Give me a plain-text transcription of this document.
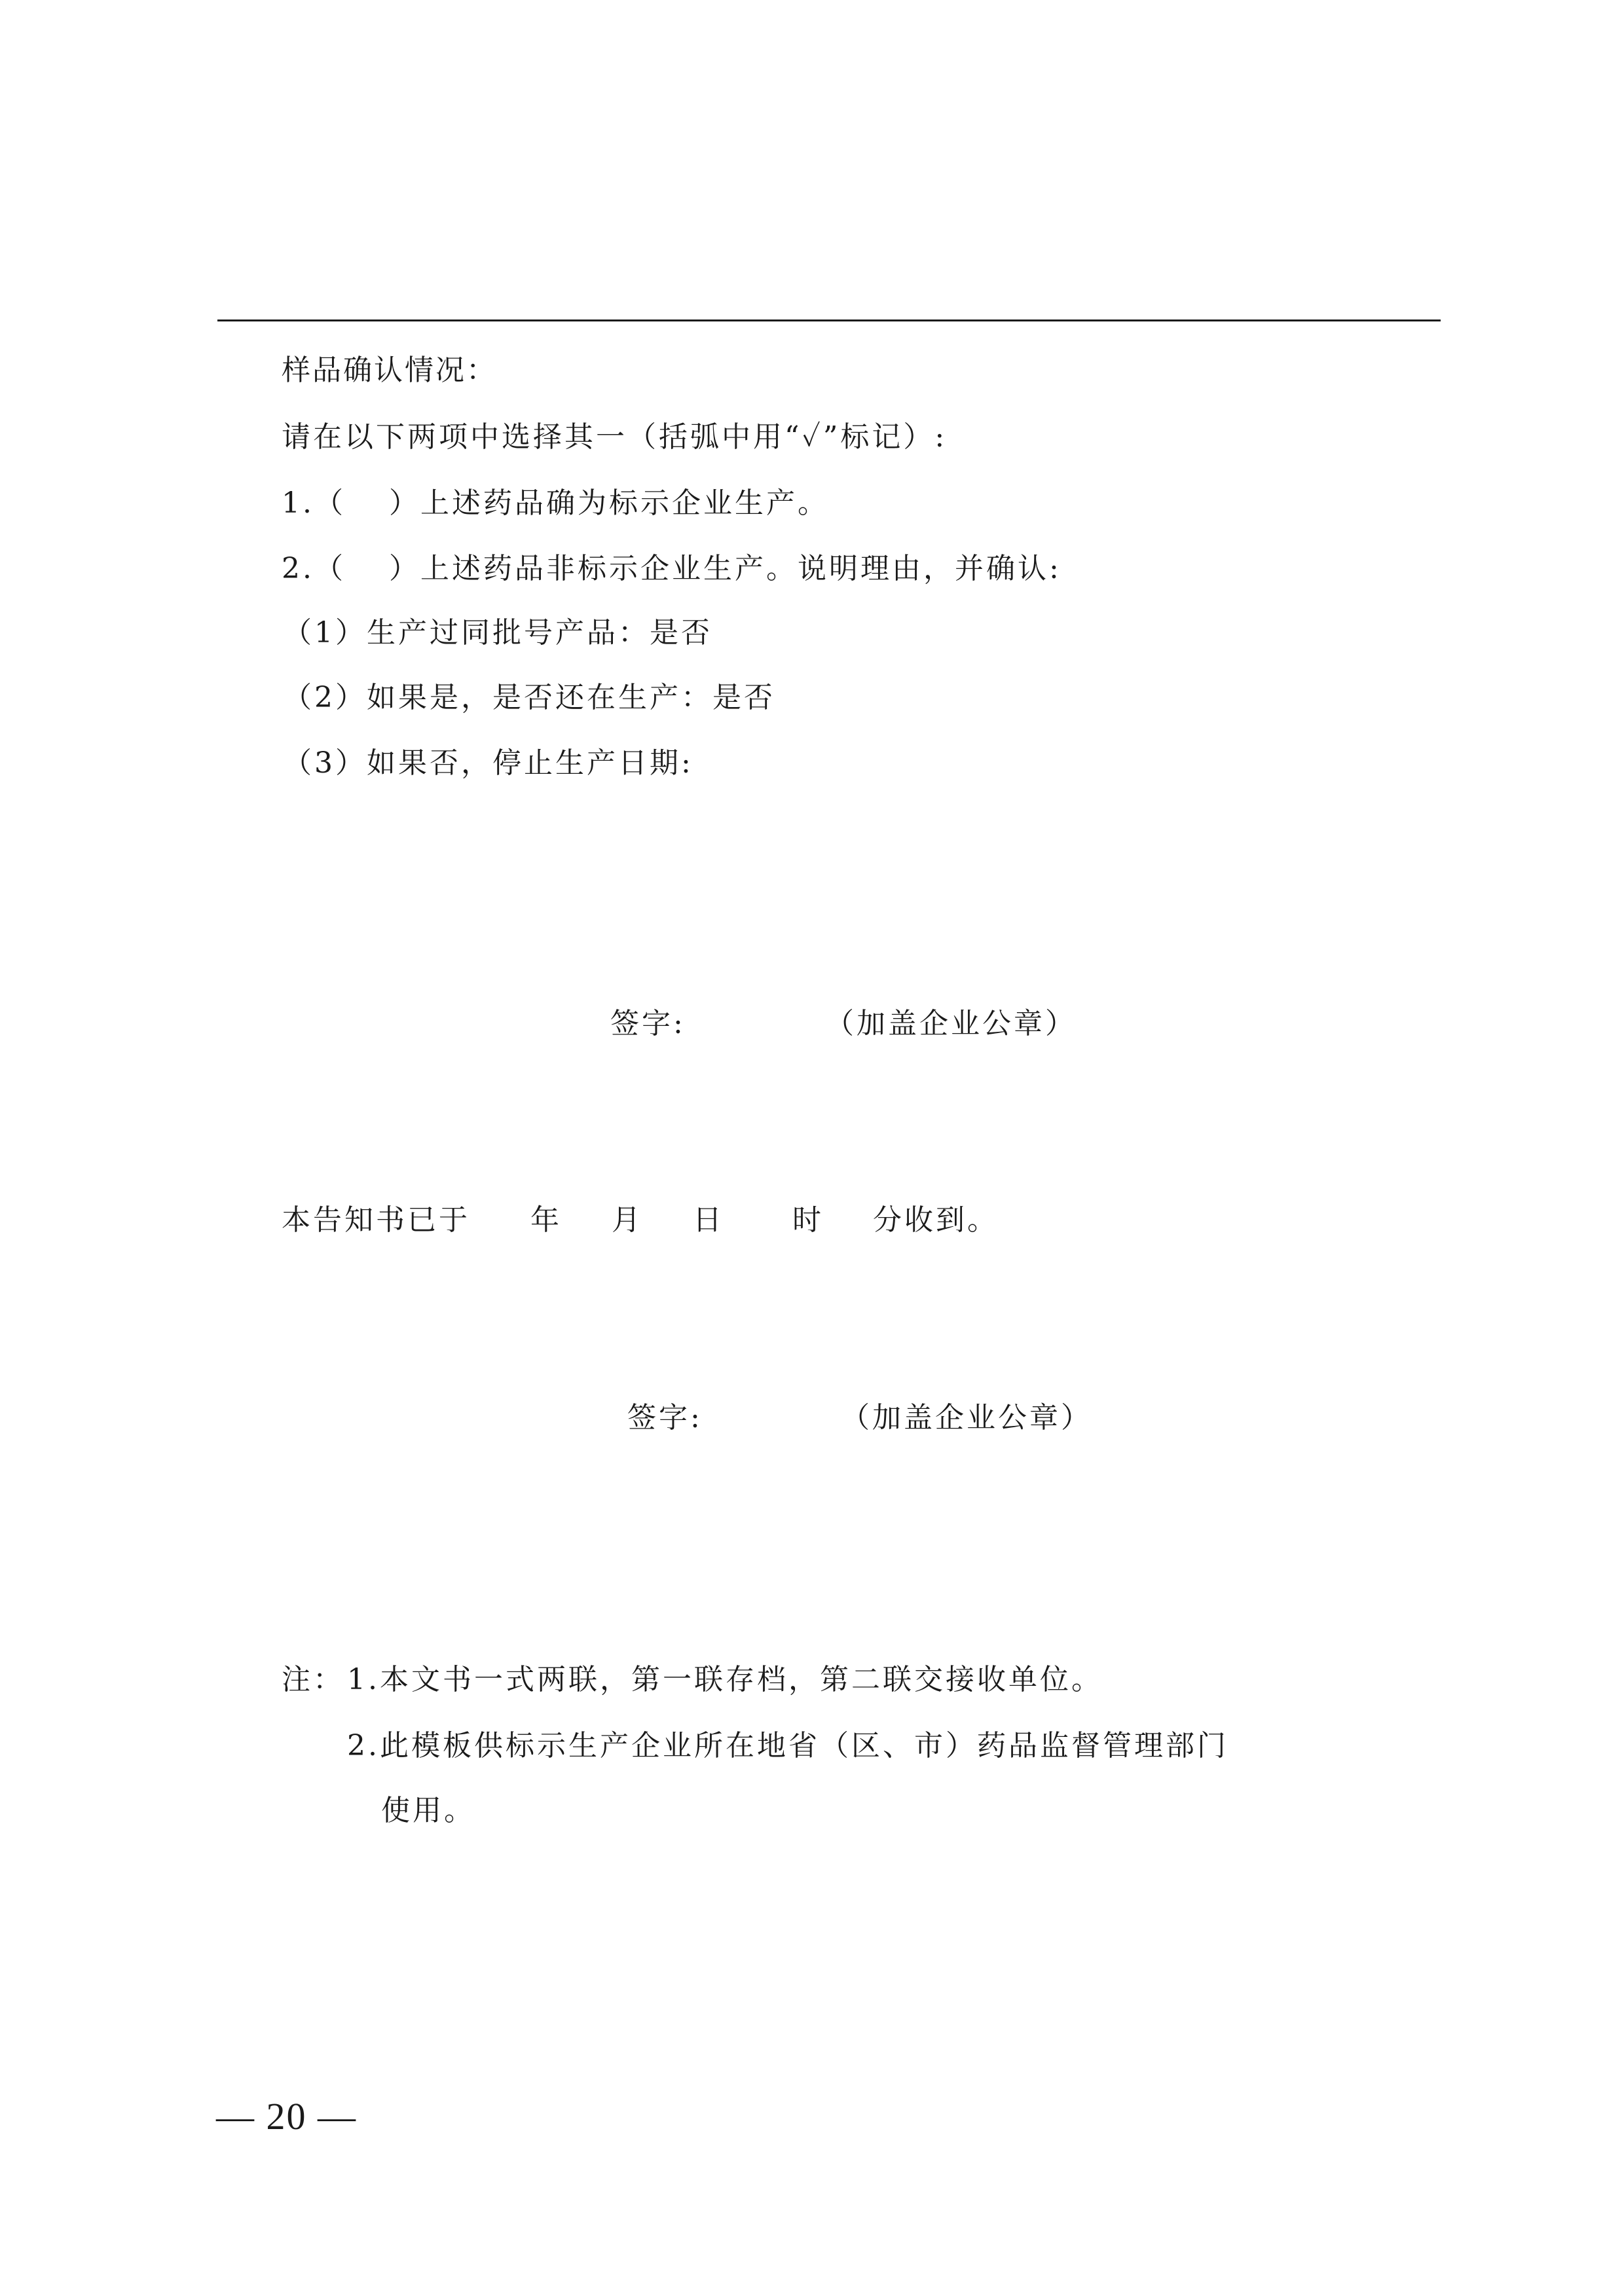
样品确认情况：
请在以下两项中选择其一（括弧中用“✓”标记）:
1.（　 ）上述药品确为标示企业生产。
2.（　 ）上述药品非标示企业生产。说明理由，并确认:
（1）生产过同批号产品：是否
（2）如果是，是否还在生产：是否
（3）如果否，停止生产日期:
签字:	（加盖企业公章）
本告知书已于 年 月 日 时 分收到。
签字:	（加盖企业公章）
注： 1.本文书一式两联，第一联存档，第二联交接收单位。
2.此模板供标示生产企业所在地省（区、市）药品监督管理部门
使用。
— 20 —
